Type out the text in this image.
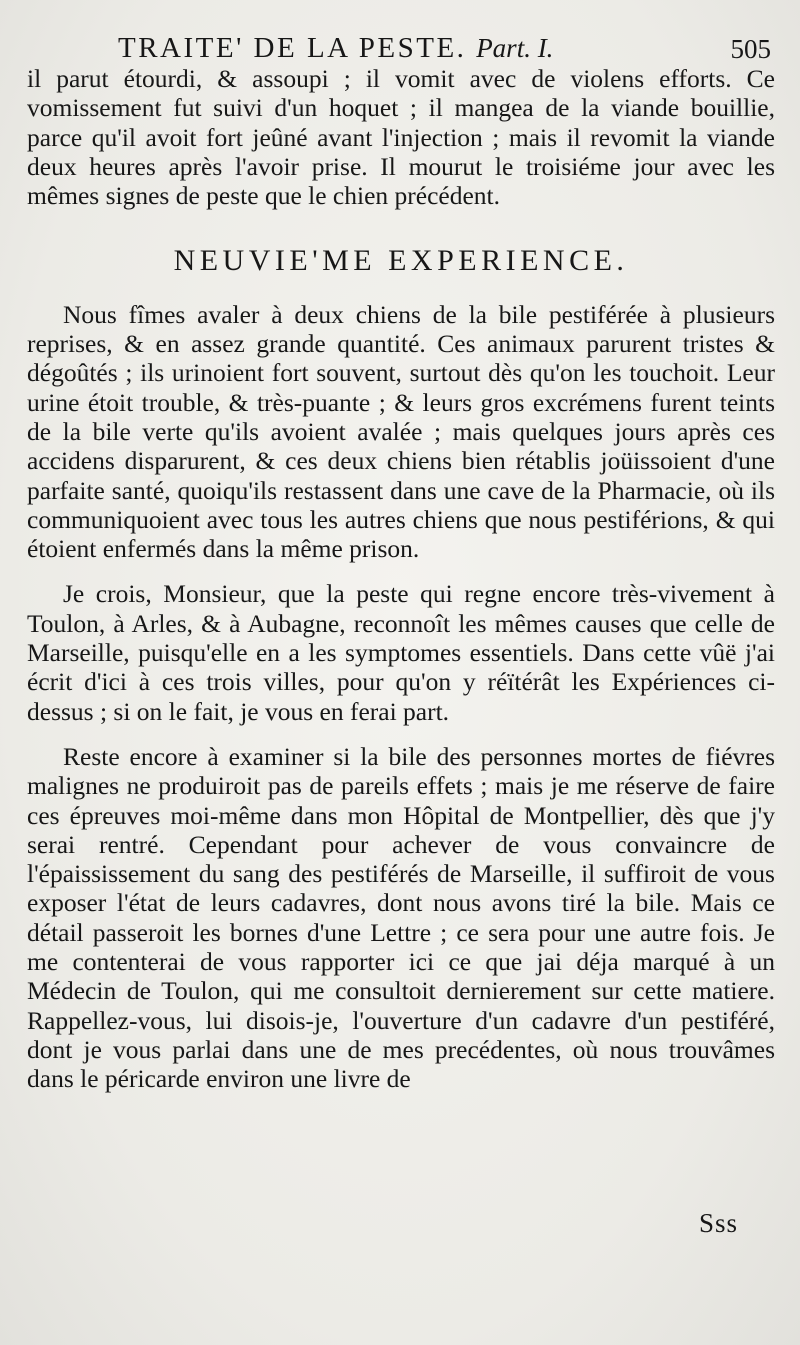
TRAITE' DE LA PESTE. Part. I.	505

il parut étourdi, & assoupi ; il vomit avec de violens efforts. Ce vomissement fut suivi d'un hoquet ; il mangea de la viande bouillie, parce qu'il avoit fort jeûné avant l'injection ; mais il revomit la viande deux heures après l'avoir prise. Il mourut le troisiéme jour avec les mêmes signes de peste que le chien précédent.

NEUVIE'ME EXPERIENCE.

Nous fîmes avaler à deux chiens de la bile pestiférée à plusieurs reprises, & en assez grande quantité. Ces animaux parurent tristes & dégoûtés ; ils urinoient fort souvent, surtout dès qu'on les touchoit. Leur urine étoit trouble, & très-puante ; & leurs gros excrémens furent teints de la bile verte qu'ils avoient avalée ; mais quelques jours après ces accidens disparurent, & ces deux chiens bien rétablis joüissoient d'une parfaite santé, quoiqu'ils restassent dans une cave de la Pharmacie, où ils communiquoient avec tous les autres chiens que nous pestiférions, & qui étoient enfermés dans la même prison.

Je crois, Monsieur, que la peste qui regne encore très-vivement à Toulon, à Arles, & à Aubagne, reconnoît les mêmes causes que celle de Marseille, puisqu'elle en a les symptomes essentiels. Dans cette vûë j'ai écrit d'ici à ces trois villes, pour qu'on y réïtérât les Expériences ci-dessus ; si on le fait, je vous en ferai part.

Reste encore à examiner si la bile des personnes mortes de fiévres malignes ne produiroit pas de pareils effets ; mais je me réserve de faire ces épreuves moi-même dans mon Hôpital de Montpellier, dès que j'y serai rentré. Cependant pour achever de vous convaincre de l'épaississement du sang des pestiférés de Marseille, il suffiroit de vous exposer l'état de leurs cadavres, dont nous avons tiré la bile. Mais ce détail passeroit les bornes d'une Lettre ; ce sera pour une autre fois. Je me contenterai de vous rapporter ici ce que jai déja marqué à un Médecin de Toulon, qui me consultoit dernierement sur cette matiere. Rappellez-vous, lui disois-je, l'ouverture d'un cadavre d'un pestiféré, dont je vous parlai dans une de mes precédentes, où nous trouvâmes dans le péricarde environ une livre de

Sss
